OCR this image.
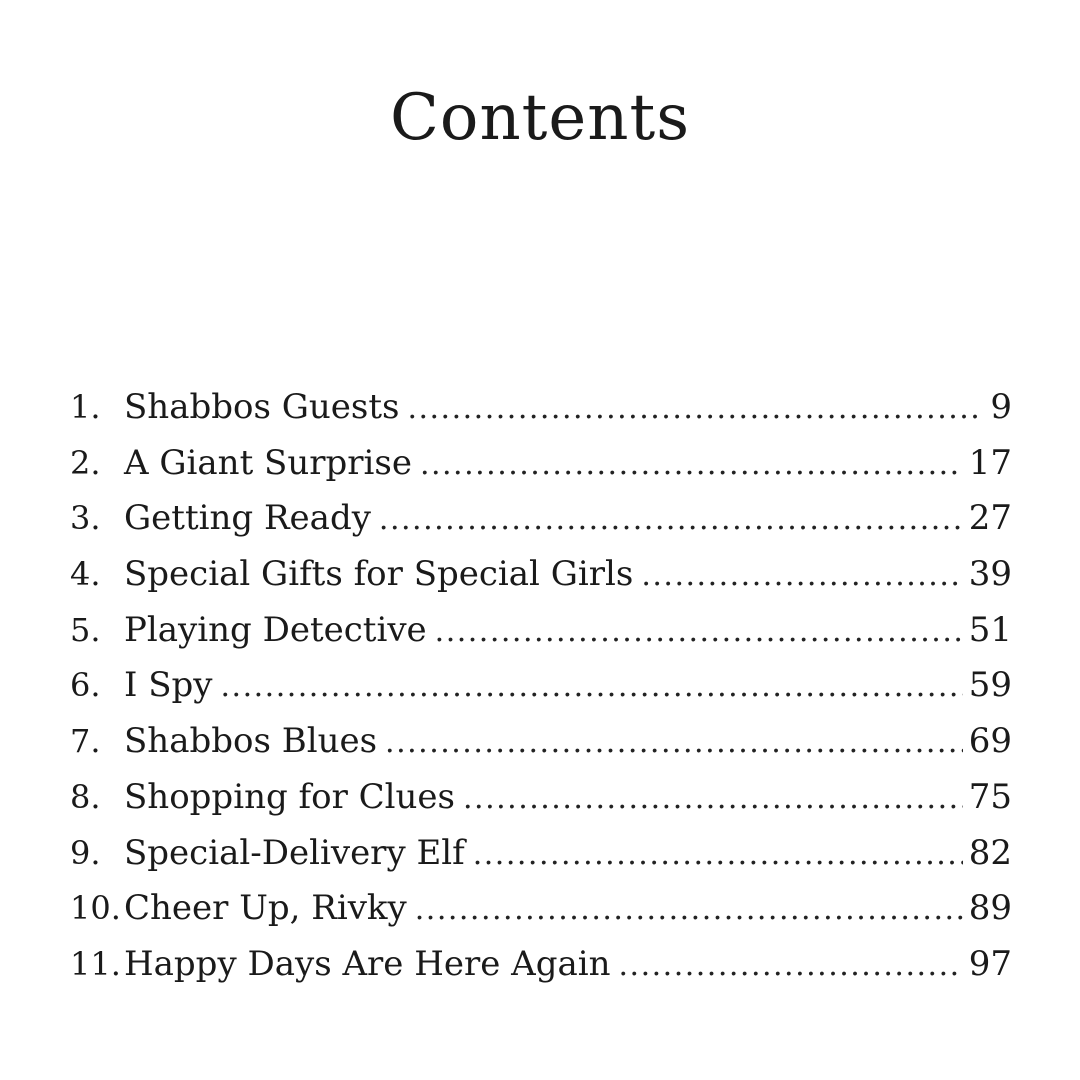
Contents
1. Shabbos Guests .....	9
2. A Giant Surprise .....	17
3. Getting Ready .....	27
4. Special Gifts for Special Girls .....	39
5. Playing Detective .....	51
6. I Spy .....	59
7. Shabbos Blues .....	69
8. Shopping for Clues .....	75
9. Special-Delivery Elf .....	82
10. Cheer Up, Rivky .....	89
11. Happy Days Are Here Again .....	97
